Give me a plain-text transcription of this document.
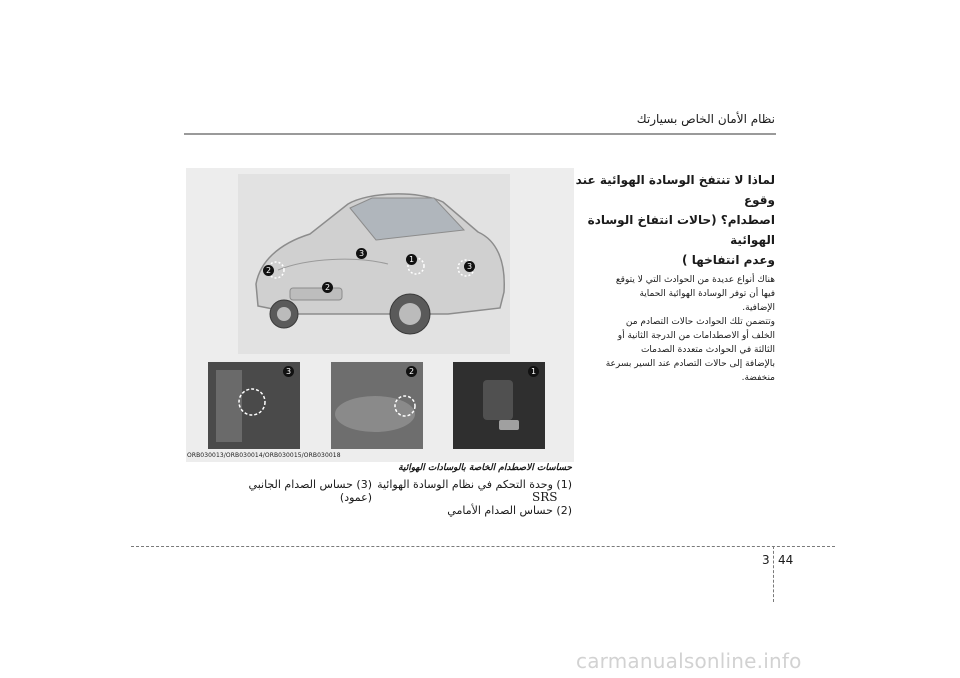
نظام الأمان الخاص بسيارتك
لماذا لا تنتفخ الوسادة الهوائية عند وقوع
اصطدام؟ (حالات انتفاخ الوسادة الهوائية
وعدم انتفاخها )
هناك أنواع عديدة من الحوادث التي لا يتوقع
فيها أن توفر الوسادة الهوائية الحماية
الإضافية.
وتتضمن تلك الحوادث حالات التصادم من
الخلف أو الاصطدامات من الدرجة الثانية أو
الثالثة في الحوادث متعددة الصدمات
بالإضافة إلى حالات التصادم عند السير بسرعة
منخفضة.
3
1
3
2
2
3	2	1
ORB030013/ORB030014/ORB030015/ORB030018
حساسات الاصطدام الخاصة بالوسادات الهوائية
(1) وحدة التحكم في نظام الوسادة الهوائية
SRS
(2) حساس الصدام الأمامي
(3) حساس الصدام الجانبي (عمود)
3 44
carmanualsonline.info
